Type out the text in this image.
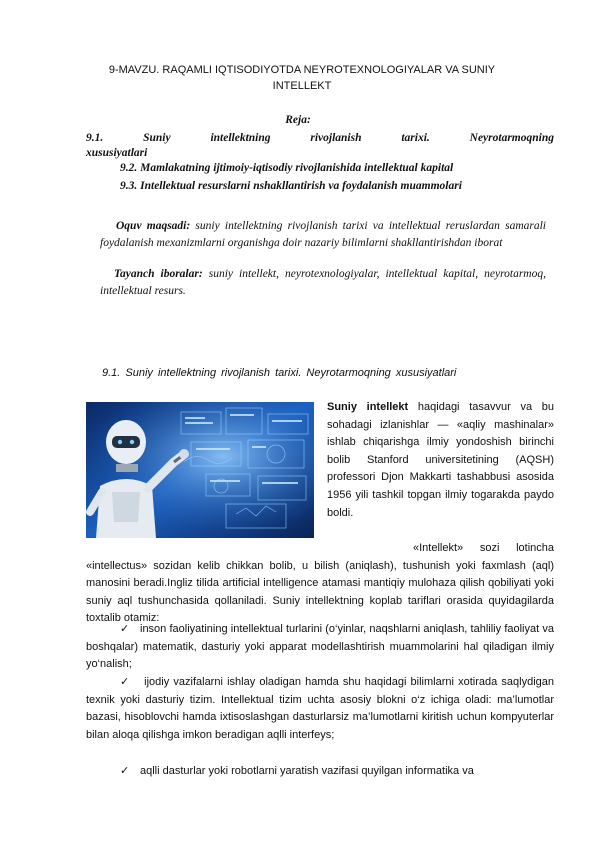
9-MAVZU. RAQAMLI IQTISODIYOTDA NEYROTEXNOLOGIYALAR VA SUNIY
INTELLEKT
Reja:
9.1. Suniy intellektning rivojlanish tarixi. Neyrotarmoqning
xususiyatlari
9.2. Mamlakatning ijtimoiy-iqtisodiy rivojlanishida intellektual kapital
9.3. Intellektual resurslarni nshakllantirish va foydalanish muammolari
Oquv maqsadi: suniy intellektning rivojlanish tarixi va intellektual reruslardan samarali foydalanish mexanizmlarni organishga doir nazariy bilimlarni shakllantirishdan iborat
Tayanch iboralar: suniy intellekt, neyrotexnologiyalar, intellektual kapital, neyrotarmoq, intellektual resurs.
9.1. Suniy intellektning rivojlanish tarixi. Neyrotarmoqning xususiyatlari
Suniy intellekt haqidagi tasavvur va bu sohadagi izlanishlar — «aqliy mashinalar» ishlab chiqarishga ilmiy yondoshish birinchi bolib Stanford universitetining (AQSH) professori Djon Makkarti tashabbusi asosida 1956 yili tashkil topgan ilmiy togarakda paydo boldi.
«Intellekt» sozi lotincha «intellectus» sozidan kelib chikkan bolib, u bilish (aniqlash), tushunish yoki faxmlash (aql) manosini beradi.Ingliz tilida artificial intelligence atamasi mantiqiy mulohaza qilish qobiliyati yoki suniy aql tushunchasida qollaniladi. Suniy intellektning koplab tariflari orasida quyidagilarda toxtalib otamiz:
✓ inson faoliyatining intellektual turlarini (o‘yinlar, naqshlarni aniqlash, tahliliy faoliyat va boshqalar) matematik, dasturiy yoki apparat modellashtirish muammolarini hal qiladigan ilmiy yo‘nalish;
✓ ijodiy vazifalarni ishlay oladigan hamda shu haqidagi bilimlarni xotirada saqlydigan texnik yoki dasturiy tizim. Intellektual tizim uchta asosiy blokni o‘z ichiga oladi: ma’lumotlar bazasi, hisoblovchi hamda ixtisoslashgan dasturlarsiz ma’lumotlarni kiritish uchun kompyuterlar bilan aloqa qilishga imkon beradigan aqlli interfeys;
✓ aqlli dasturlar yoki robotlarni yaratish vazifasi quyilgan informatika va
